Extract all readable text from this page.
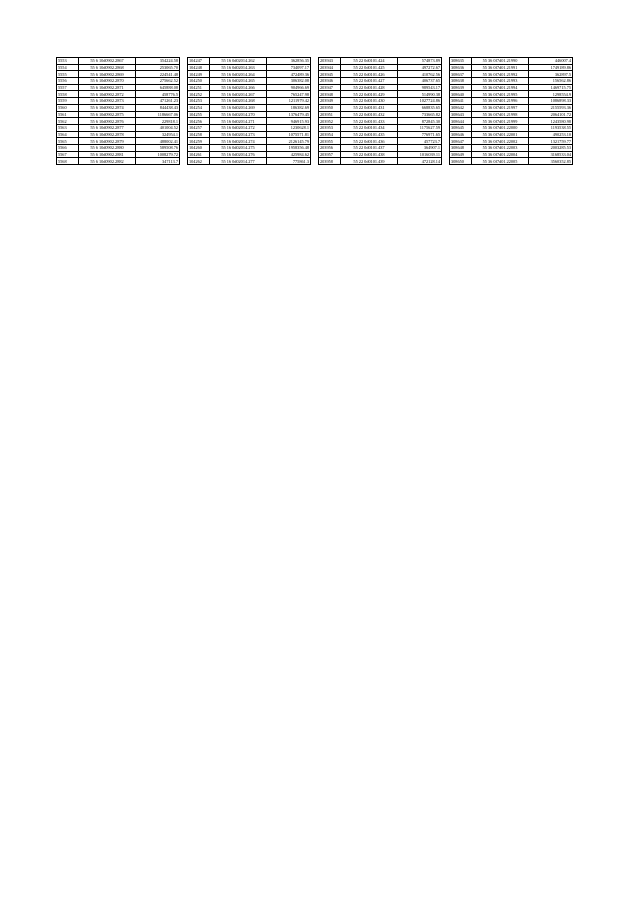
5553	55 6 10d0902.2867	354224.58
5554	55 6 10d0902.2868	253065.70
5555	55 6 10d0902.2869	224541.48
5556	55 6 10d0902.2870	275662.52
5557	55 6 10d0902.2871	645888.08
5558	55 6 10d0902.2872	458776.5
5559	55 6 10d0902.2873	471261.23
5560	55 6 10d0902.2874	844438.43
5561	55 6 10d0902.2875	1186667.06
5562	55 6 10d0902.2876	229818.1
5563	55 6 10d0902.2877	401004.52
5564	55 6 10d0902.2878	324954.1
5565	55 6 10d0902.2879	488002.41
5566	55 6 10d0902.2880	589508.76
5567	55 6 10d0902.2881	1008279.72
5568	55 6 10d0902.2882	347113.7
104247	55 16 0d02014.262	362856.35
104248	55 16 0d02014.263	734097.17
104249	55 16 0d02014.264	472489.36
104250	55 16 0d02014.265	306382.08
104251	55 16 0d02014.266	904966.69
104252	55 16 0d02014.267	765247.98
104253	55 16 0d02014.268	1211979.42
104254	55 16 0d02014.269	186382.69
104255	55 16 0d02014.270	1376479.45
104256	55 16 0d02014.271	946915.93
104257	55 16 0d02014.272	1230628.1
104258	55 16 0d02014.273	1075571.81
104259	55 16 0d02014.274	2126145.79
104260	55 16 0d02014.275	1958356.48
104261	55 16 0d02014.276	425984.62
104262	55 16 0d02014.277	775861.3
203943	55 22 0d0101.424	574873.89
203944	55 22 0d0101.425	497272.67
203945	55 22 0d0101.426	410762.56
203946	55 22 0d0101.427	406737.65
203947	55 22 0d0101.428	989543.17
203948	55 22 0d0101.429	514990.38
203949	55 22 0d0101.430	1027724.86
203950	55 22 0d0101.431	668835.65
203951	55 22 0d0101.432	733665.82
203952	55 22 0d0101.433	872845.30
203953	55 22 0d0101.434	1175627.59
203954	55 22 0d0101.435	776971.65
203955	55 22 0d0101.436	457723.7
203956	55 22 0d0101.437	364907.1
203957	55 22 0d0101.438	1016039.11
203958	55 22 0d0101.439	472128.14
308635	55 36 0f7d01.21990	446007.4
308636	55 36 0f7d01.21991	1749189.86
308637	55 36 0f7d01.21992	362897.5
308638	55 36 0f7d01.21993	156562.86
308639	55 36 0f7d01.21994	1469715.75
308640	55 36 0f7d01.21995	1298554.9
308641	55 36 0f7d01.21996	1086898.33
308642	55 36 0f7d01.21997	2155593.36
308643	55 36 0f7d01.21998	2064101.72
308644	55 36 0f7d01.21999	1243580.98
308645	55 36 0f7d01.22000	1193538.55
308646	55 36 0f7d01.22001	490253.10
308647	55 36 0f7d01.22002	1321759.77
308648	55 36 0f7d01.22003	2003285.53
308649	55 36 0f7d01.22004	3168533.04
308650	55 36 0f7d01.22005	3560352.85
